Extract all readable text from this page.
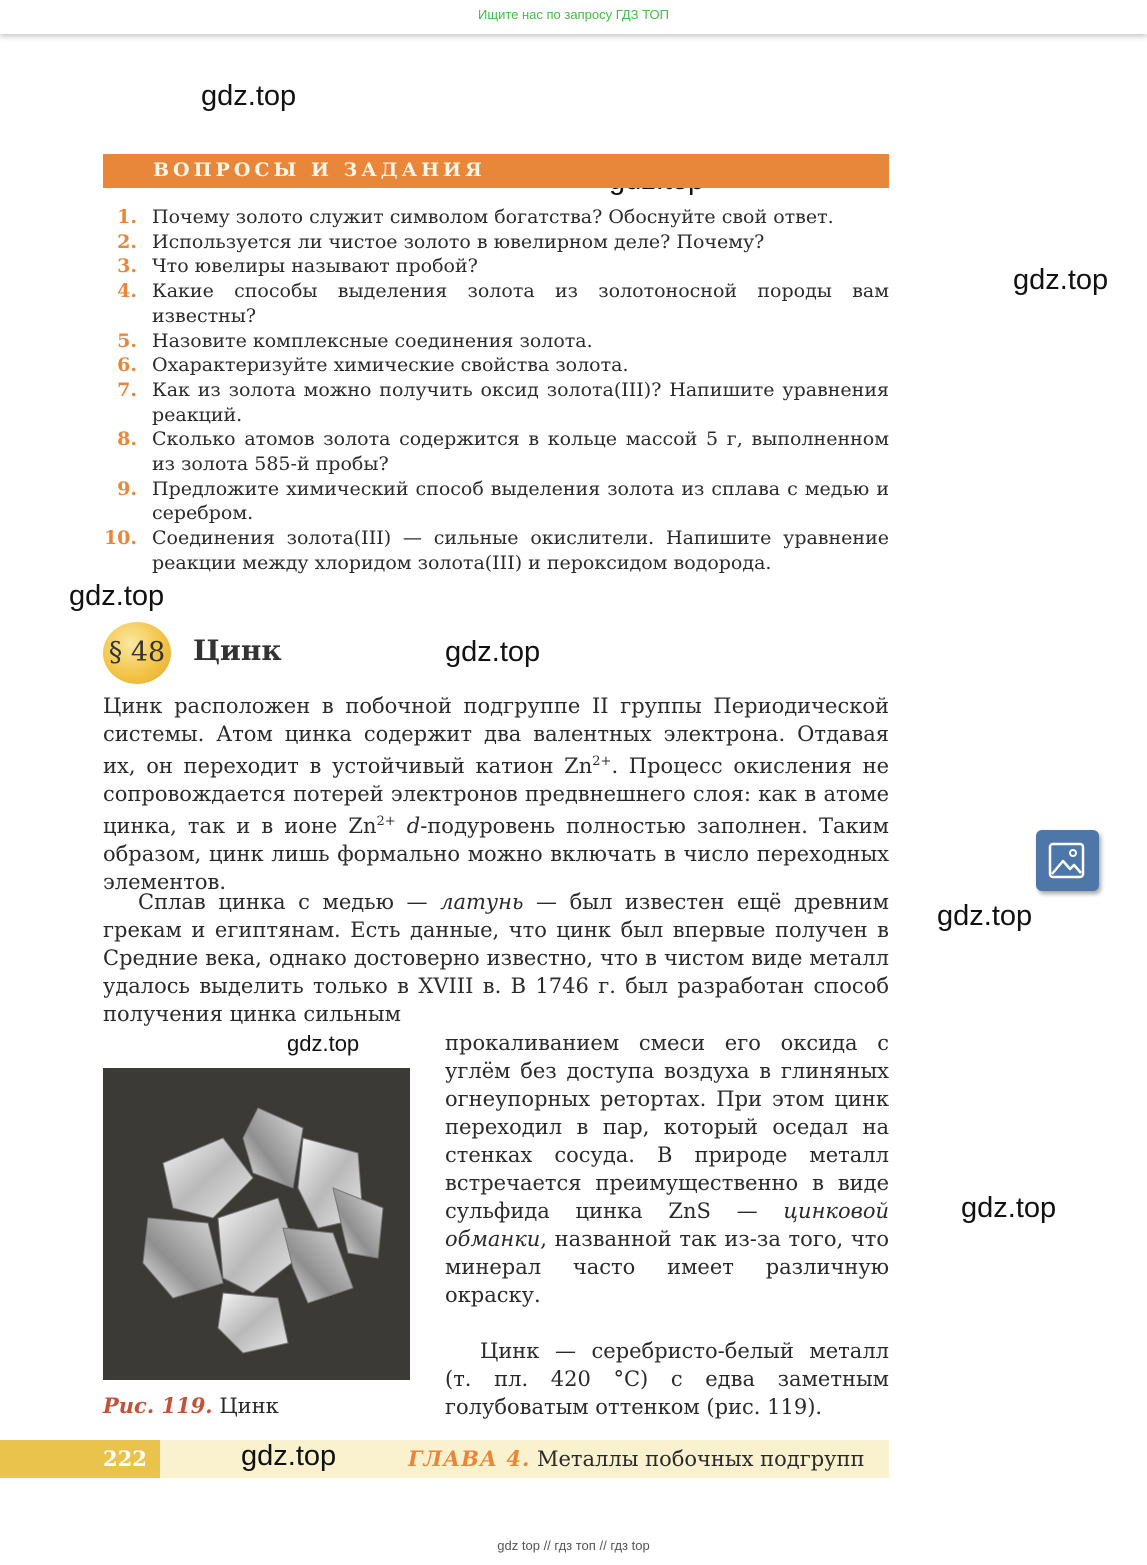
Ищите нас по запросу ГДЗ ТОП
gdz.top
gdz.top
gdz.top
gdz.top
gdz.top
gdz.top
gdz.top
gdz.top
ВОПРОСЫ И ЗАДАНИЯ
1. Почему золото служит символом богатства? Обоснуйте свой ответ.
2. Используется ли чистое золото в ювелирном деле? Почему?
3. Что ювелиры называют пробой?
4. Какие способы выделения золота из золотоносной породы вам известны?
5. Назовите комплексные соединения золота.
6. Охарактеризуйте химические свойства золота.
7. Как из золота можно получить оксид золота(III)? Напишите уравнения реакций.
8. Сколько атомов золота содержится в кольце массой 5 г, выполненном из золота 585-й пробы?
9. Предложите химический способ выделения золота из сплава с медью и серебром.
10. Соединения золота(III) — сильные окислители. Напишите уравнение реакции между хлоридом золота(III) и пероксидом водорода.
§ 48 Цинк

Цинк расположен в побочной подгруппе II группы Периодической системы. Атом цинка содержит два валентных электрона. Отдавая их, он переходит в устойчивый катион $Zn^{2+}$. Процесс окисления не сопровождается потерей электронов предвнешнего слоя: как в атоме цинка, так и в ионе $Zn^{2+}$ d-подуровень полностью заполнен. Таким образом, цинк лишь формально можно включать в число переходных элементов.

Сплав цинка с медью — латунь — был известен ещё древним грекам и египтянам. Есть данные, что цинк был впервые получен в Средние века, однако достоверно известно, что в чистом виде металл удалось выделить только в XVIII в. В 1746 г. был разработан способ получения цинка сильным

прокаливанием смеси его оксида с углём без доступа воздуха в глиняных огнеупорных ретортах. При этом цинк переходил в пар, который оседал на стенках сосуда. В природе металл встречается преимущественно в виде сульфида цинка ZnS — цинковой обманки, названной так из-за того, что минерал часто имеет различную окраску.

Цинк — серебристо-белый металл (т. пл. 420 °С) с едва заметным голубоватым оттенком (рис. 119).

Рис. 119. Цинк
222	ГЛАВА 4. Металлы побочных подгрупп
gdz top // гдз топ // гдз top
